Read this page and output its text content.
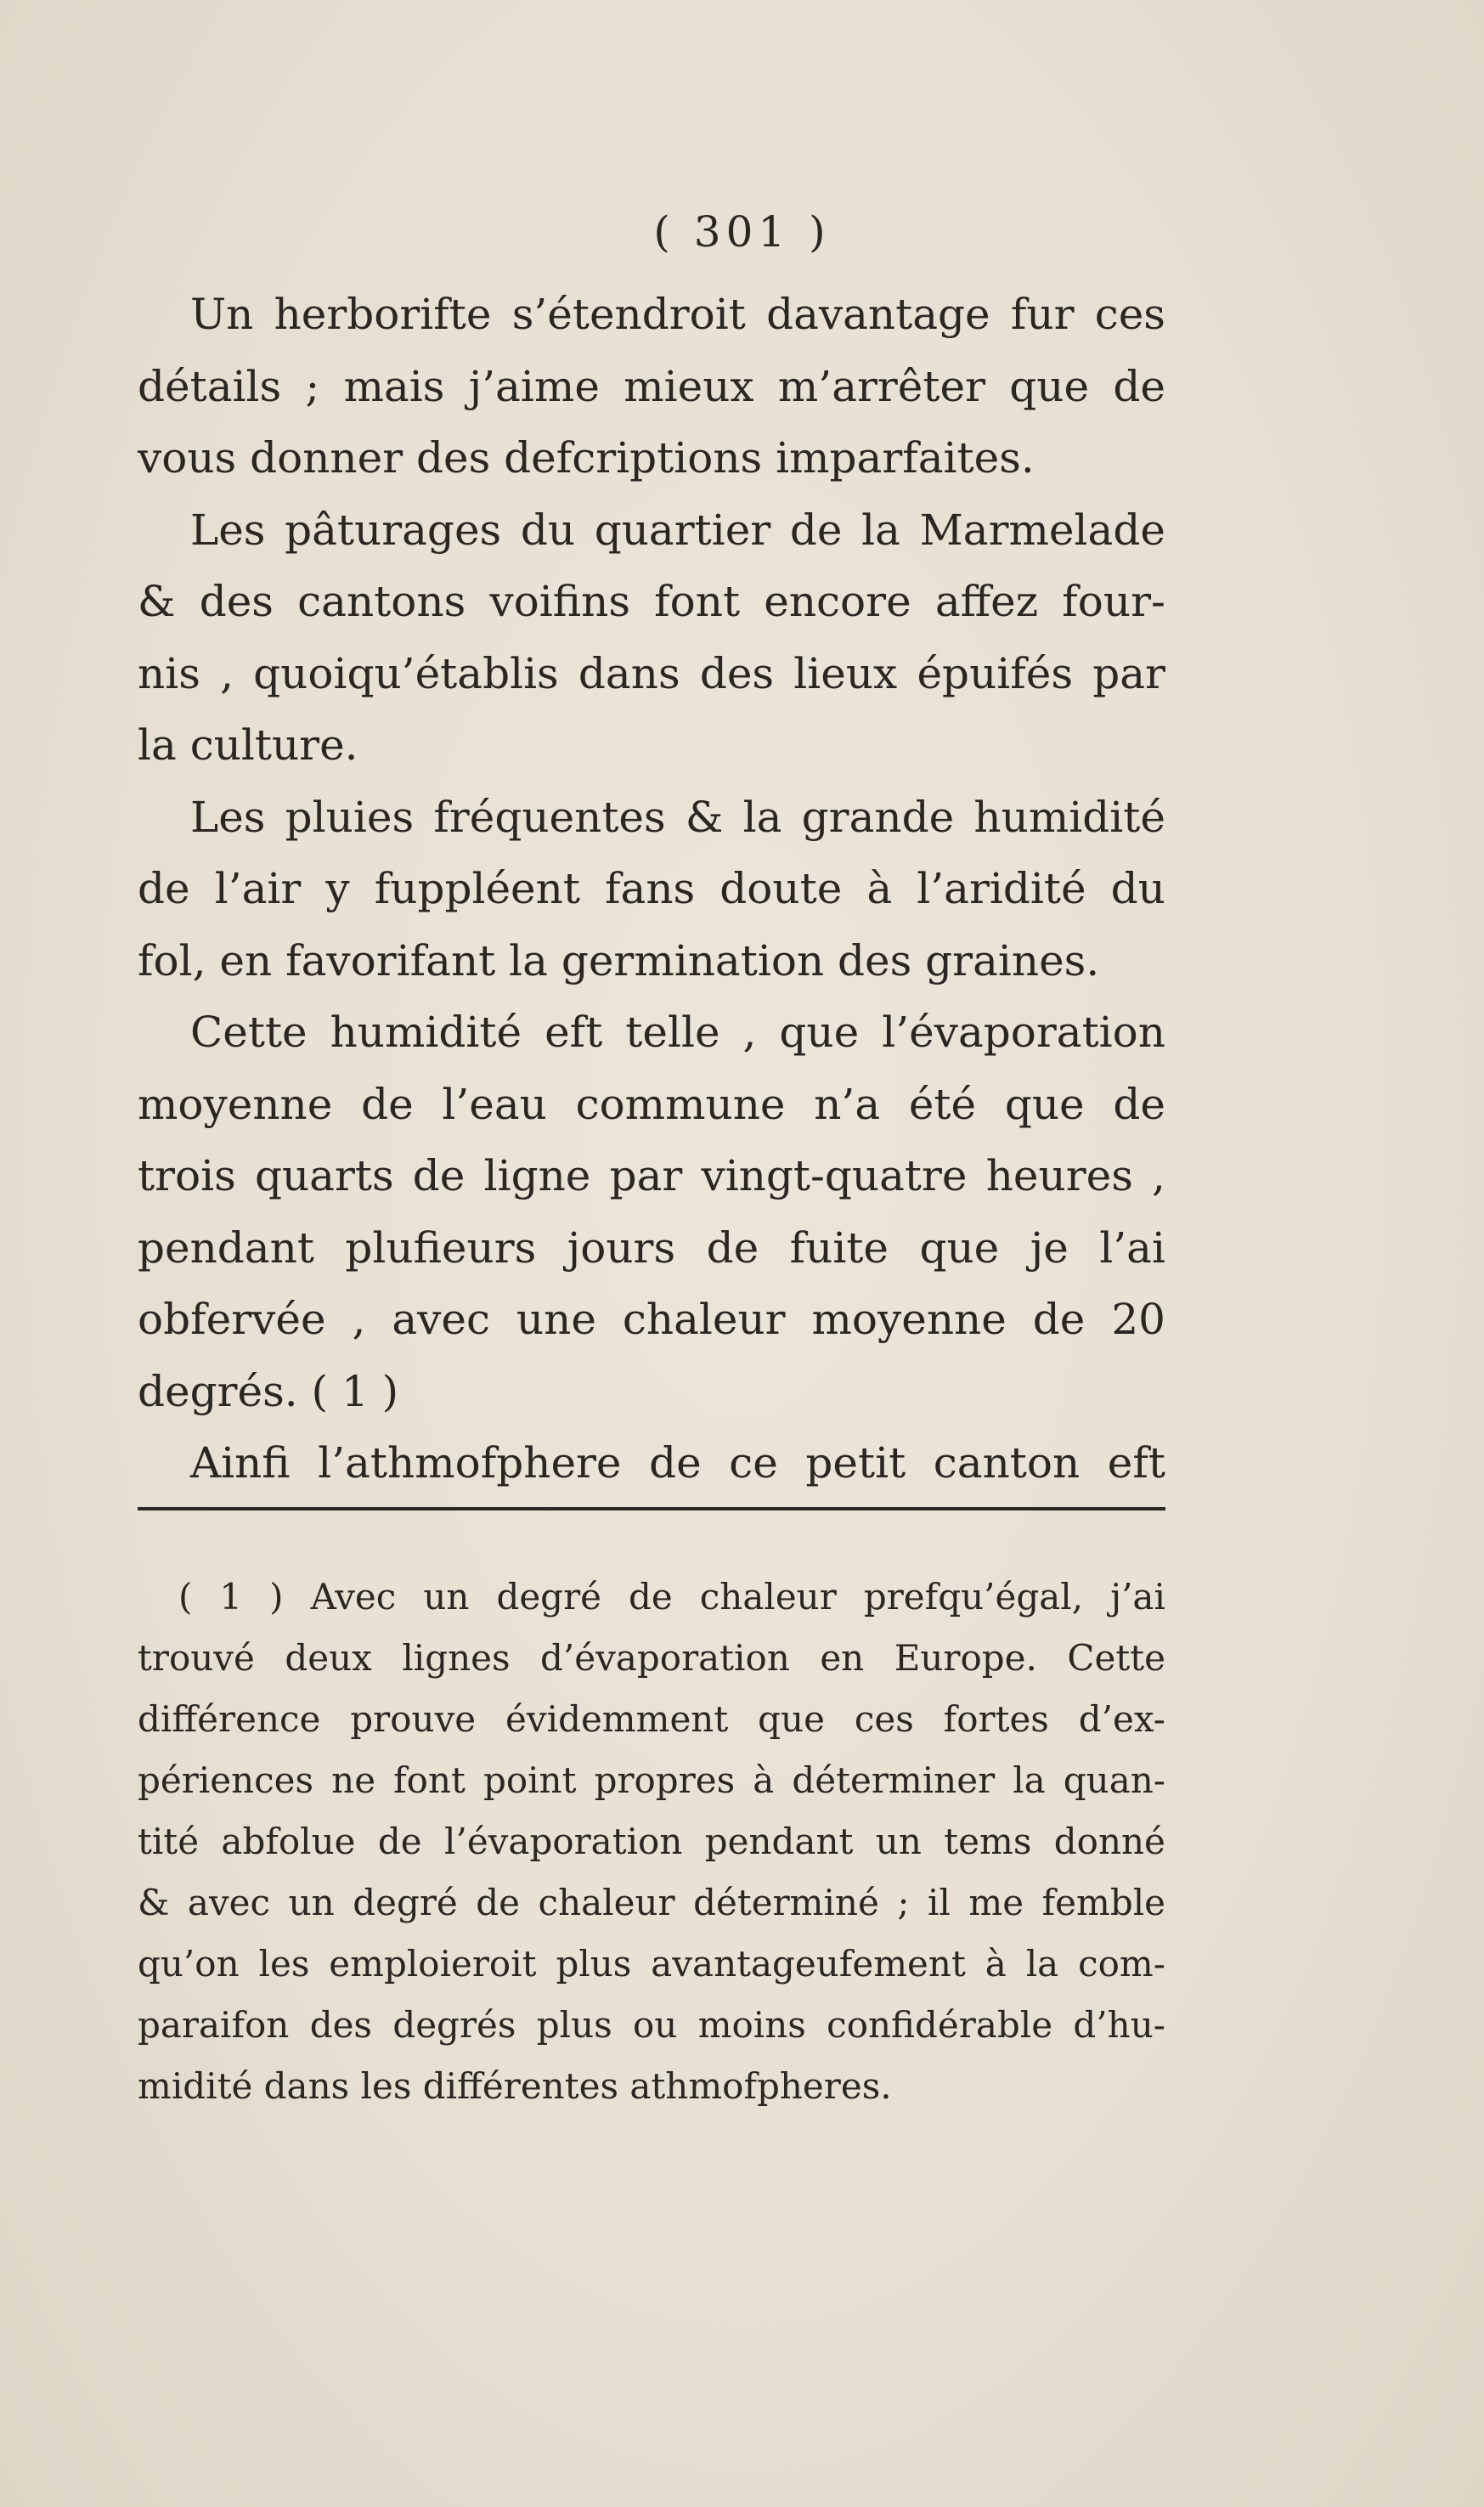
( 301 )
Un herborifte s’étendroit davantage fur ces
détails ; mais j’aime mieux m’arrêter que de
vous donner des defcriptions imparfaites.
Les pâturages du quartier de la Marmelade
& des cantons voifins font encore affez four-
nis , quoiqu’établis dans des lieux épuifés par
la culture.
Les pluies fréquentes & la grande humidité
de l’air y fuppléent fans doute à l’aridité du
fol, en favorifant la germination des graines.
Cette humidité eft telle , que l’évaporation
moyenne de l’eau commune n’a été que de
trois quarts de ligne par vingt-quatre heures ,
pendant plufieurs jours de fuite que je l’ai
obfervée , avec une chaleur moyenne de 20
degrés. ( 1 )
Ainfi l’athmofphere de ce petit canton eft
( 1 ) Avec un degré de chaleur prefqu’égal, j’ai
trouvé deux lignes d’évaporation en Europe. Cette
différence prouve évidemment que ces fortes d’ex-
périences ne font point propres à déterminer la quan-
tité abfolue de l’évaporation pendant un tems donné
& avec un degré de chaleur déterminé ; il me femble
qu’on les emploieroit plus avantageufement à la com-
paraifon des degrés plus ou moins confidérable d’hu-
midité dans les différentes athmofpheres.
